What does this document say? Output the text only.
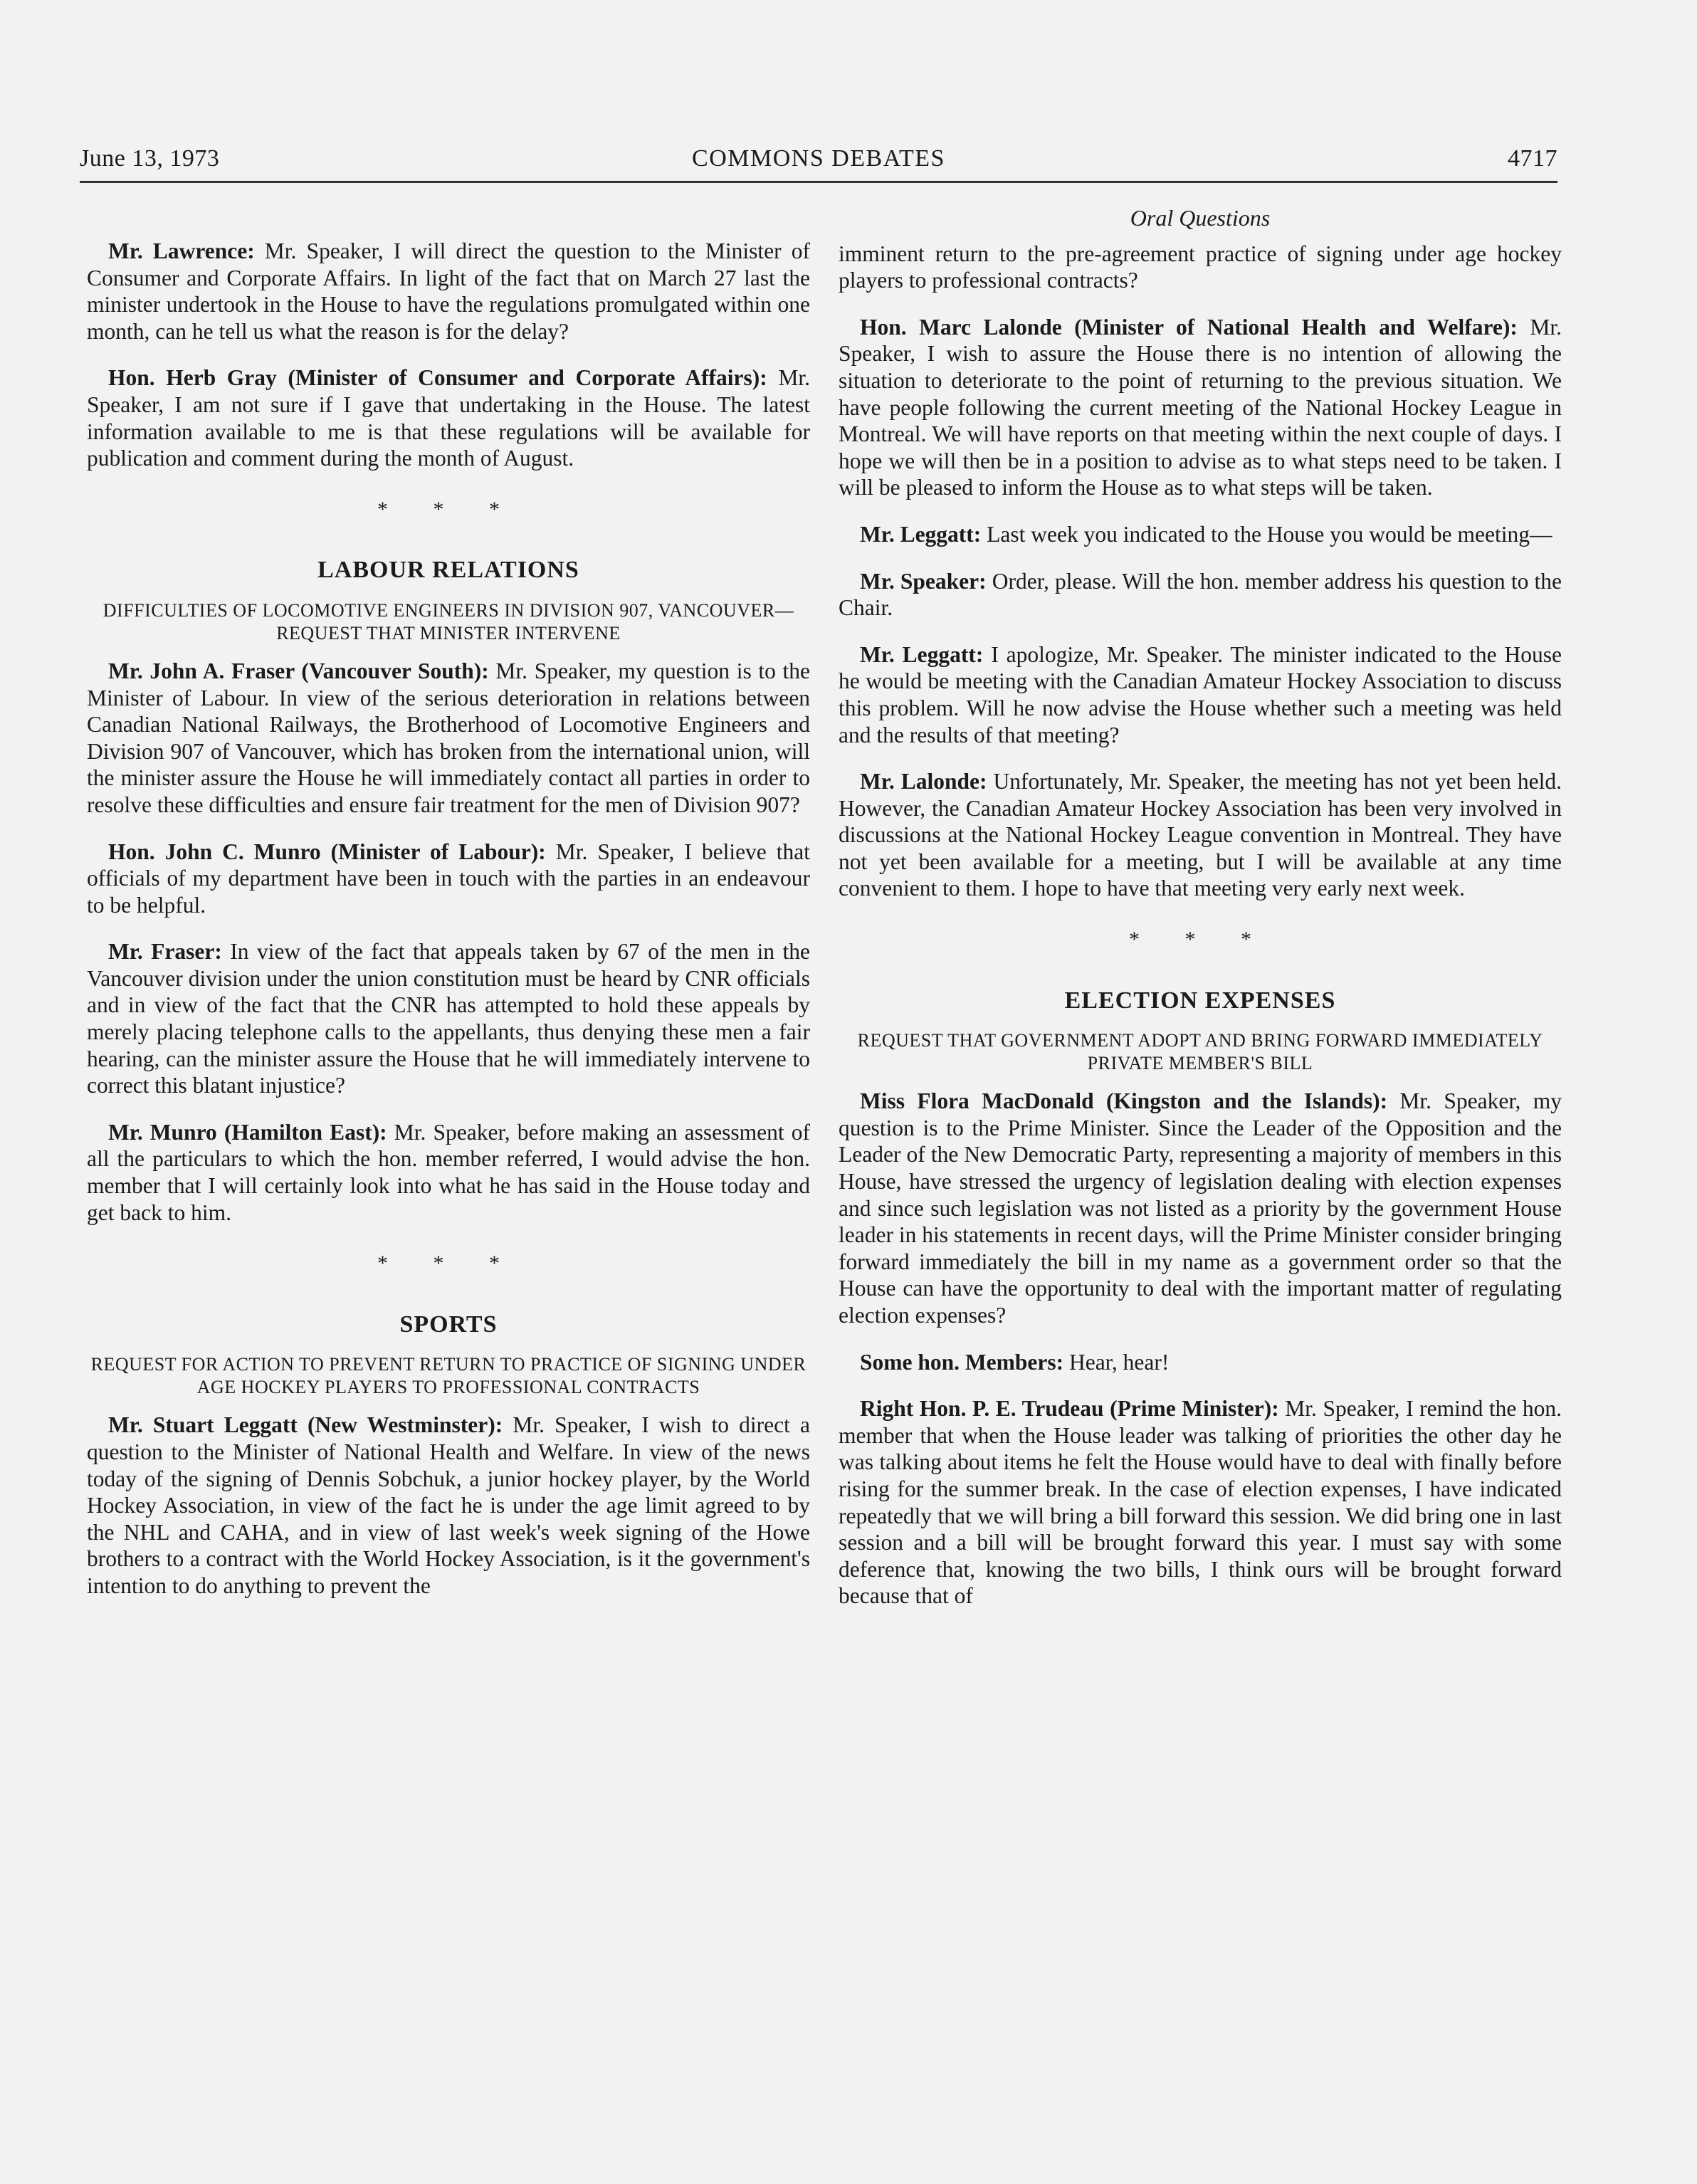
June 13, 1973	COMMONS DEBATES	4717

Mr. Lawrence: Mr. Speaker, I will direct the question to the Minister of Consumer and Corporate Affairs. In light of the fact that on March 27 last the minister undertook in the House to have the regulations promulgated within one month, can he tell us what the reason is for the delay?

Hon. Herb Gray (Minister of Consumer and Corporate Affairs): Mr. Speaker, I am not sure if I gave that undertaking in the House. The latest information available to me is that these regulations will be available for publication and comment during the month of August.

* * *
LABOUR RELATIONS
DIFFICULTIES OF LOCOMOTIVE ENGINEERS IN DIVISION 907, VANCOUVER—REQUEST THAT MINISTER INTERVENE

Mr. John A. Fraser (Vancouver South): Mr. Speaker, my question is to the Minister of Labour. In view of the serious deterioration in relations between Canadian National Railways, the Brotherhood of Locomotive Engineers and Division 907 of Vancouver, which has broken from the international union, will the minister assure the House he will immediately contact all parties in order to resolve these difficulties and ensure fair treatment for the men of Division 907?

Hon. John C. Munro (Minister of Labour): Mr. Speaker, I believe that officials of my department have been in touch with the parties in an endeavour to be helpful.

Mr. Fraser: In view of the fact that appeals taken by 67 of the men in the Vancouver division under the union constitution must be heard by CNR officials and in view of the fact that the CNR has attempted to hold these appeals by merely placing telephone calls to the appellants, thus denying these men a fair hearing, can the minister assure the House that he will immediately intervene to correct this blatant injustice?

Mr. Munro (Hamilton East): Mr. Speaker, before making an assessment of all the particulars to which the hon. member referred, I would advise the hon. member that I will certainly look into what he has said in the House today and get back to him.

* * *
SPORTS
REQUEST FOR ACTION TO PREVENT RETURN TO PRACTICE OF SIGNING UNDER AGE HOCKEY PLAYERS TO PROFESSIONAL CONTRACTS

Mr. Stuart Leggatt (New Westminster): Mr. Speaker, I wish to direct a question to the Minister of National Health and Welfare. In view of the news today of the signing of Dennis Sobchuk, a junior hockey player, by the World Hockey Association, in view of the fact he is under the age limit agreed to by the NHL and CAHA, and in view of last week's week signing of the Howe brothers to a contract with the World Hockey Association, is it the government's intention to do anything to prevent the

Oral Questions

imminent return to the pre-agreement practice of signing under age hockey players to professional contracts?

Hon. Marc Lalonde (Minister of National Health and Welfare): Mr. Speaker, I wish to assure the House there is no intention of allowing the situation to deteriorate to the point of returning to the previous situation. We have people following the current meeting of the National Hockey League in Montreal. We will have reports on that meeting within the next couple of days. I hope we will then be in a position to advise as to what steps need to be taken. I will be pleased to inform the House as to what steps will be taken.

Mr. Leggatt: Last week you indicated to the House you would be meeting—

Mr. Speaker: Order, please. Will the hon. member address his question to the Chair.

Mr. Leggatt: I apologize, Mr. Speaker. The minister indicated to the House he would be meeting with the Canadian Amateur Hockey Association to discuss this problem. Will he now advise the House whether such a meeting was held and the results of that meeting?

Mr. Lalonde: Unfortunately, Mr. Speaker, the meeting has not yet been held. However, the Canadian Amateur Hockey Association has been very involved in discussions at the National Hockey League convention in Montreal. They have not yet been available for a meeting, but I will be available at any time convenient to them. I hope to have that meeting very early next week.

* * *
ELECTION EXPENSES
REQUEST THAT GOVERNMENT ADOPT AND BRING FORWARD IMMEDIATELY PRIVATE MEMBER'S BILL

Miss Flora MacDonald (Kingston and the Islands): Mr. Speaker, my question is to the Prime Minister. Since the Leader of the Opposition and the Leader of the New Democratic Party, representing a majority of members in this House, have stressed the urgency of legislation dealing with election expenses and since such legislation was not listed as a priority by the government House leader in his statements in recent days, will the Prime Minister consider bringing forward immediately the bill in my name as a government order so that the House can have the opportunity to deal with the important matter of regulating election expenses?

Some hon. Members: Hear, hear!

Right Hon. P. E. Trudeau (Prime Minister): Mr. Speaker, I remind the hon. member that when the House leader was talking of priorities the other day he was talking about items he felt the House would have to deal with finally before rising for the summer break. In the case of election expenses, I have indicated repeatedly that we will bring a bill forward this session. We did bring one in last session and a bill will be brought forward this year. I must say with some deference that, knowing the two bills, I think ours will be brought forward because that of
